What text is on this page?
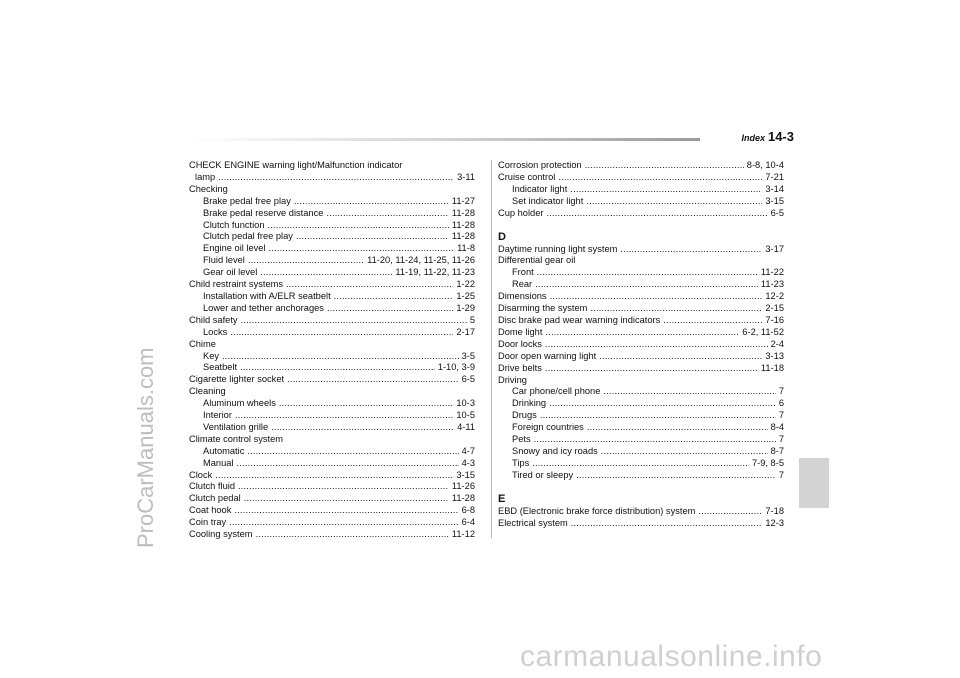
ProCarManuals.com
Index 14-3
CHECK ENGINE warning light/Malfunction indicator
lamp . . .	3-11
Checking
Brake pedal free play . . .	11-27
Brake pedal reserve distance . . .	11-28
Clutch function . . .	11-28
Clutch pedal free play . . .	11-28
Engine oil level . . .	11-8
Fluid level . . .	11-20, 11-24, 11-25, 11-26
Gear oil level . . .	11-19, 11-22, 11-23
Child restraint systems . . .	1-22
Installation with A/ELR seatbelt . . .	1-25
Lower and tether anchorages . . .	1-29
Child safety . . .	5
Locks . . .	2-17
Chime
Key . . .	3-5
Seatbelt . . .	1-10, 3-9
Cigarette lighter socket . . .	6-5
Cleaning
Aluminum wheels . . .	10-3
Interior . . .	10-5
Ventilation grille . . .	4-11
Climate control system
Automatic . . .	4-7
Manual . . .	4-3
Clock . . .	3-15
Clutch fluid . . .	11-26
Clutch pedal . . .	11-28
Coat hook . . .	6-8
Coin tray . . .	6-4
Cooling system . . .	11-12
Corrosion protection . . .	8-8, 10-4
Cruise control . . .	7-21
Indicator light . . .	3-14
Set indicator light . . .	3-15
Cup holder . . .	6-5
D
Daytime running light system . . .	3-17
Differential gear oil
Front . . .	11-22
Rear . . .	11-23
Dimensions . . .	12-2
Disarming the system . . .	2-15
Disc brake pad wear warning indicators . . .	7-16
Dome light . . .	6-2, 11-52
Door locks . . .	2-4
Door open warning light . . .	3-13
Drive belts . . .	11-18
Driving
Car phone/cell phone . . .	7
Drinking . . .	6
Drugs . . .	7
Foreign countries . . .	8-4
Pets . . .	7
Snowy and icy roads . . .	8-7
Tips . . .	7-9, 8-5
Tired or sleepy . . .	7
E
EBD (Electronic brake force distribution) system . . .	7-18
Electrical system . . .	12-3
carmanualsonline.info
